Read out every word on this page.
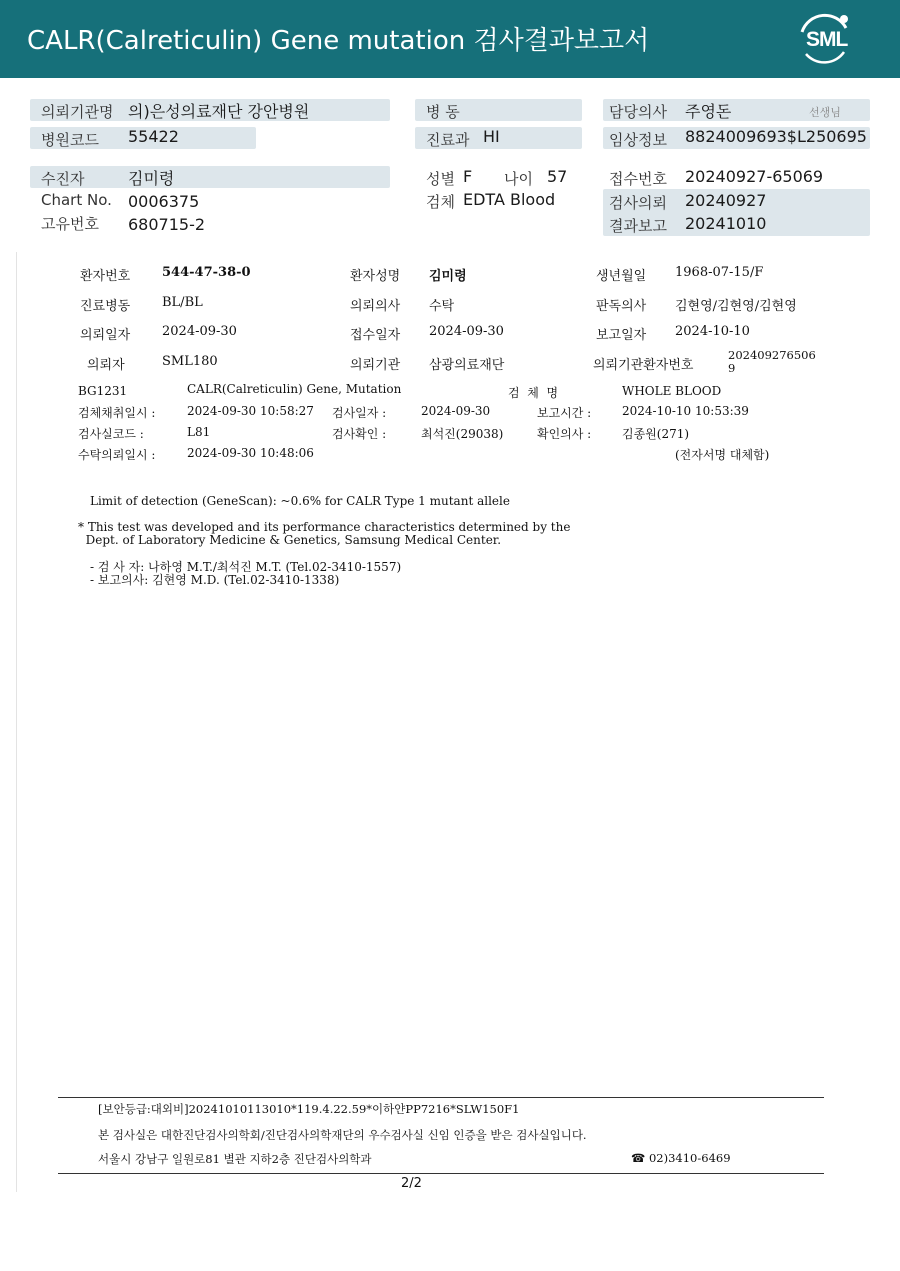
CALR(Calreticulin) Gene mutation 검사결과보고서	SML
의뢰기관명 의)은성의료재단 강안병원
병원코드 55422
병 동
진료과 HI
담당의사 주영돈	선생님
임상정보 8824009693$L250695
수진자	김미령
Chart No. 0006375
고유번호 680715-2
성별 F 나이 57
검체 EDTA Blood
접수번호 20240927-65069
검사의뢰 20240927
결과보고 20241010
환자번호 544-47-38-0	환자성명 김미령	생년월일 1968-07-15/F
진료병동 BL/BL	의뢰의사 수탁	판독의사 김현영/김현영/김현영
의뢰일자 2024-09-30	접수일자 2024-09-30	보고일자 2024-10-10
의뢰자	SML180	의뢰기관 삼광의료재단	의뢰기관환자번호
202409276506
9
BG1231	CALR(Calreticulin) Gene, Mutation	검  체  명	WHOLE BLOOD
검체채취일시 :	2024-09-30 10:58:27 검사일자 :	2024-09-30	보고시간 :	2024-10-10 10:53:39
검사실코드 :	L81	검사확인 :	최석진(29038)	확인의사 :	김종원(271)
수탁의뢰일시 :	2024-09-30 10:48:06	(전자서명 대체함)
Limit of detection (GeneScan): ~0.6% for CALR Type 1 mutant allele
* This test was developed and its performance characteristics determined by the
Dept. of Laboratory Medicine & Genetics, Samsung Medical Center.
- 검 사 자: 나하영 M.T./최석진 M.T. (Tel.02-3410-1557)
- 보고의사: 김현영 M.D. (Tel.02-3410-1338)
[보안등급:대외비]20241010113010*119.4.22.59*이하얀PP7216*SLW150F1
본 검사실은 대한진단검사의학회/진단검사의학재단의 우수검사실 신임 인증을 받은 검사실입니다.
서울시 강남구 일원로81 별관 지하2층 진단검사의학과	☎ 02)3410-6469
2/2
